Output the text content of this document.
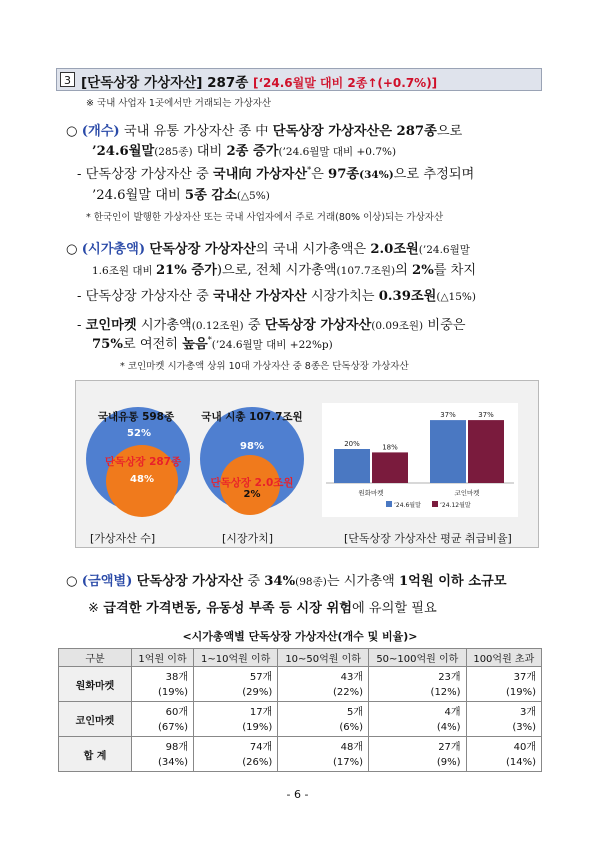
3 [단독상장 가상자산] 287종 [‘24.6월말 대비 2종↑(+0.7%)]
※ 국내 사업자 1곳에서만 거래되는 가상자산
○ (개수) 국내 유통 가상자산 종 中 단독상장 가상자산은 287종으로
’24.6월말(285종) 대비 2종 증가(’24.6월말 대비 +0.7%)
- 단독상장 가상자산 중 국내向 가상자산*은 97종(34%)으로 추정되며
’24.6월말 대비 5종 감소(△5%)
* 한국인이 발행한 가상자산 또는 국내 사업자에서 주로 거래(80% 이상)되는 가상자산
○ (시가총액) 단독상장 가상자산의 국내 시가총액은 2.0조원(’24.6월말
1.6조원 대비 21% 증가)으로, 전체 시가총액(107.7조원)의 2%를 차지
- 단독상장 가상자산 중 국내산 가상자산 시장가치는 0.39조원(△15%)
- 코인마켓 시가총액(0.12조원) 중 단독상장 가상자산(0.09조원) 비중은
75%로 여전히 높음*(’24.6월말 대비 +22%p)
* 코인마켓 시가총액 상위 10대 가상자산 중 8종은 단독상장 가상자산
국내유통 598종
52%
단독상장 287종
48%
국내 시총 107.7조원
98%
단독상장 2.0조원
2%
20%	18%
원화마켓
37%	37%
코인마켓
’24.6월말	’24.12월말
[가상자산 수]	[시장가치]	[단독상장 가상자산 평균 취급비율]
○ (금액별) 단독상장 가상자산 중 34%(98종)는 시가총액 1억원 이하 소규모
※ 급격한 가격변동, 유동성 부족 등 시장 위험에 유의할 필요
<시가총액별 단독상장 가상자산(개수 및 비율)>
구분	1억원 이하	1~10억원 이하	10~50억원 이하	50~100억원 이하	100억원 초과
원화마켓	38개	57개	43개	23개	37개
	(19%)	(29%)	(22%)	(12%)	(19%)
코인마켓	60개	17개	5개	4개	3개
	(67%)	(19%)	(6%)	(4%)	(3%)
합 계	98개	74개	48개	27개	40개
	(34%)	(26%)	(17%)	(9%)	(14%)
- 6 -
